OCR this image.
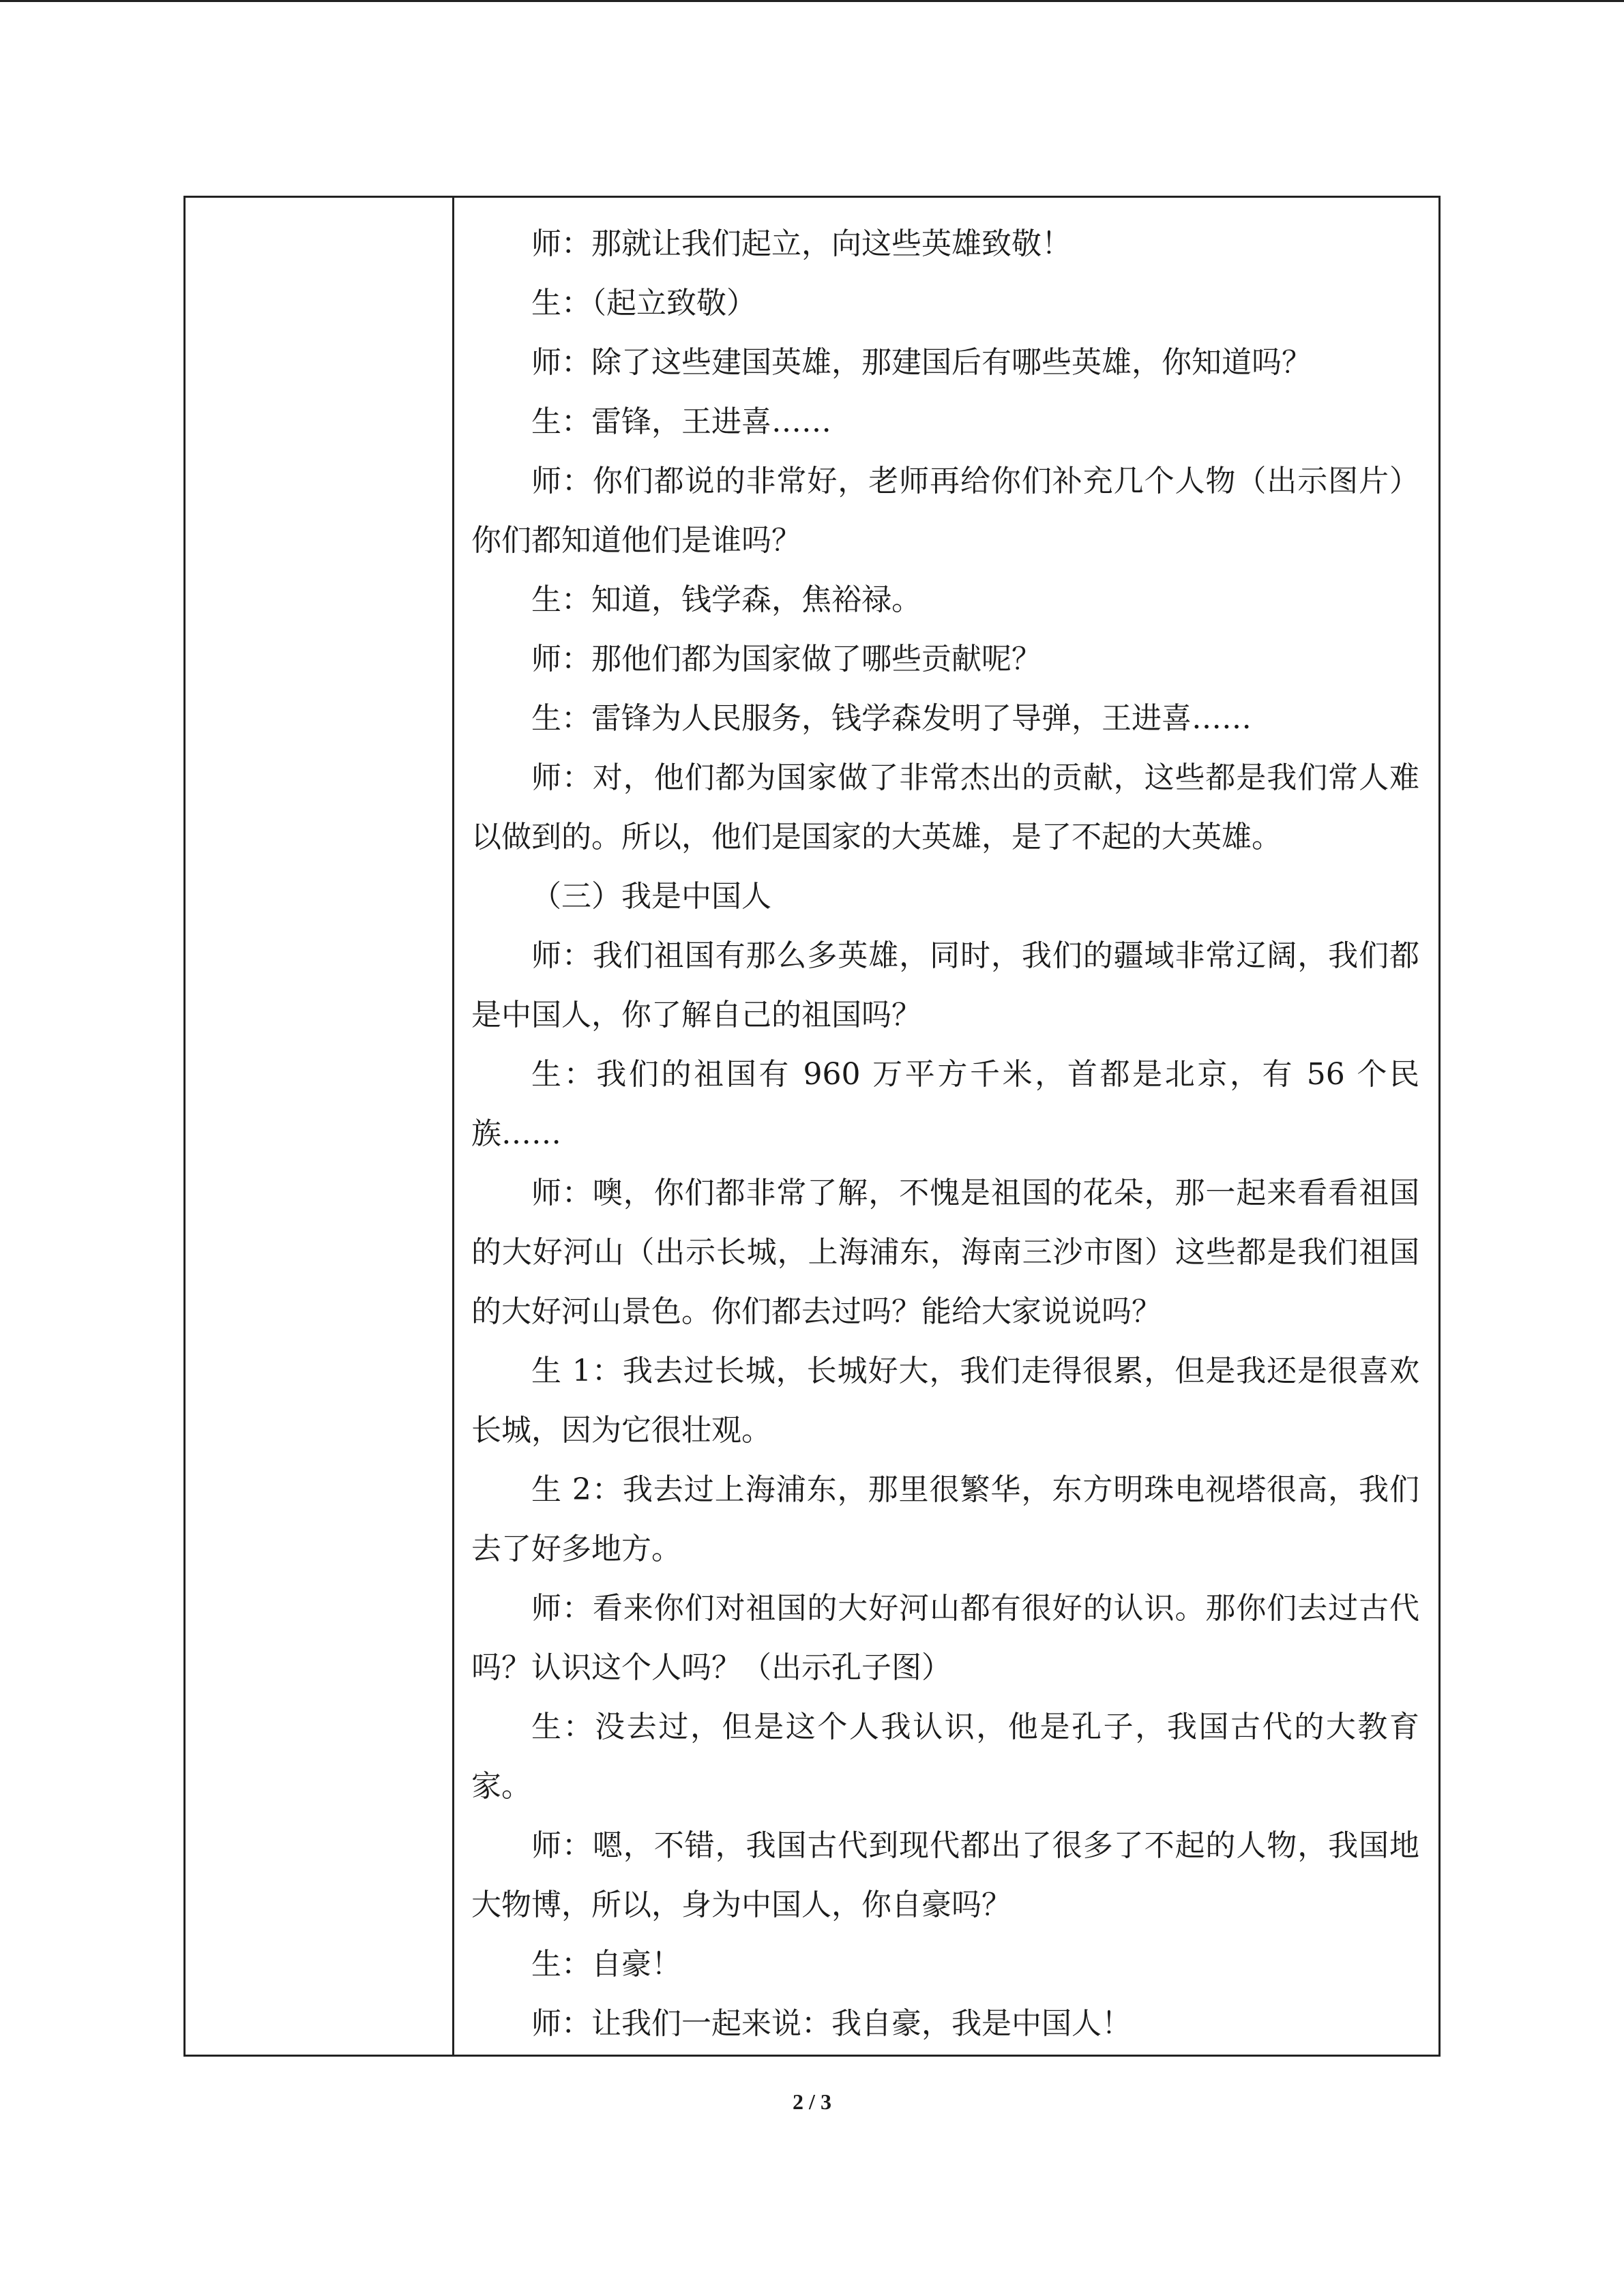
师：那就让我们起立，向这些英雄致敬！

生：（起立致敬）

师：除了这些建国英雄，那建国后有哪些英雄，你知道吗？

生：雷锋，王进喜……

师：你们都说的非常好，老师再给你们补充几个人物（出示图片）你们都知道他们是谁吗？

生：知道，钱学森，焦裕禄。

师：那他们都为国家做了哪些贡献呢？

生：雷锋为人民服务，钱学森发明了导弹，王进喜……

师：对，他们都为国家做了非常杰出的贡献，这些都是我们常人难以做到的。所以，他们是国家的大英雄，是了不起的大英雄。

（三）我是中国人

师：我们祖国有那么多英雄，同时，我们的疆域非常辽阔，我们都是中国人，你了解自己的祖国吗？

生：我们的祖国有 960 万平方千米，首都是北京，有 56 个民族……

师：噢，你们都非常了解，不愧是祖国的花朵，那一起来看看祖国的大好河山（出示长城，上海浦东，海南三沙市图）这些都是我们祖国的大好河山景色。你们都去过吗？能给大家说说吗？

生 1：我去过长城，长城好大，我们走得很累，但是我还是很喜欢长城，因为它很壮观。

生 2：我去过上海浦东，那里很繁华，东方明珠电视塔很高，我们去了好多地方。

师：看来你们对祖国的大好河山都有很好的认识。那你们去过古代吗？认识这个人吗？（出示孔子图）

生：没去过，但是这个人我认识，他是孔子，我国古代的大教育家。

师：嗯，不错，我国古代到现代都出了很多了不起的人物，我国地大物博，所以，身为中国人，你自豪吗？

生：自豪！

师：让我们一起来说：我自豪，我是中国人！

2 / 3
